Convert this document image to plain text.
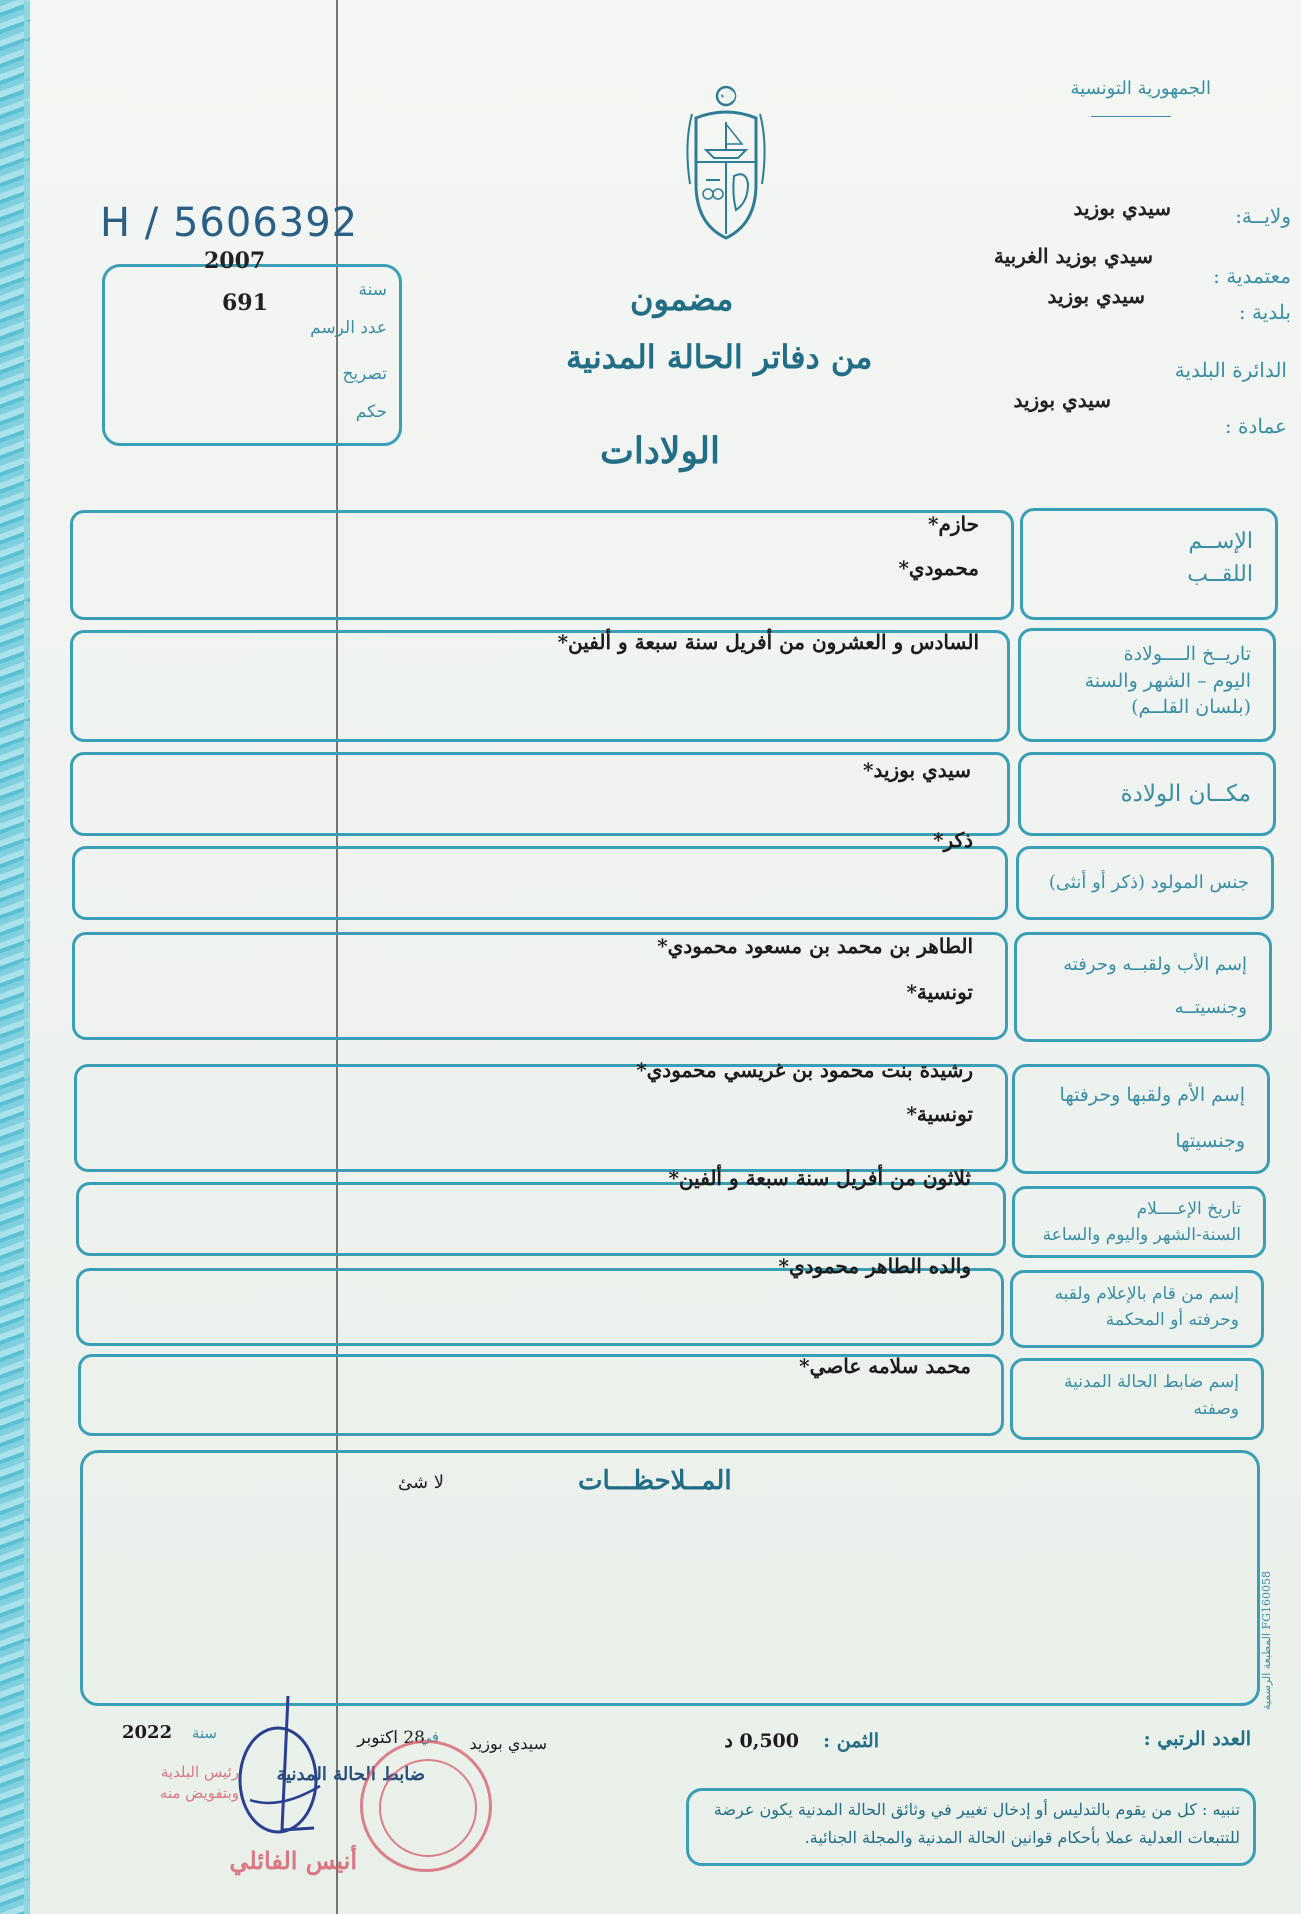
الجمهورية التونسية
H / 5606392
2007
691	سنة
عدد الرسم
تصريح
حكم
مضمون
من دفاتر الحالة المدنية
الولادات
ولايــة:
سيدي بوزيد
معتمدية :
سيدي بوزيد الغربية
بلدية :
سيدي بوزيد
الدائرة البلدية
عمادة :
سيدي بوزيد
الإســم
اللقــب
حازم*
محمودي*
تاريــخ الــــولادة
اليوم – الشهر والسنة
(بلسان القلــم)
السادس و العشرون من أفريل سنة سبعة و ألفين*
مكــان الولادة
سيدي بوزيد*
جنس المولود (ذكر أو أنثى)
ذكر*
إسم الأب ولقبــه وحرفته
وجنسيتــه
الطاهر بن محمد بن مسعود محمودي*
تونسية*
إسم الأم ولقبها وحرفتها
وجنسيتها
رشيدة بنت محمود بن غريسي محمودي*
تونسية*
تاريخ الإعــــلام
السنة-الشهر واليوم والساعة
ثلاثون من أفريل سنة سبعة و ألفين*
إسم من قام بالإعلام ولقبه
وحرفته أو المحكمة
والده الطاهر محمودي*
إسم ضابط الحالة المدنية
وصفته
محمد سلامه عاصي*
المــلاحظـــات
لا شئ
المطبعة الرسمية FG160058
العدد الرتبي :
الثمن :
0,500 د
سيدي بوزيد
في
28 اكتوبر
سنة
2022
ضابط الحالة المدنية
رئيس البلدية وبتفويض منه
أنيس الفائلي
تنبيه : كل من يقوم بالتدليس أو إدخال تغيير في وثائق الحالة المدنية يكون عرضة للتتبعات العدلية عملا بأحكام قوانين الحالة المدنية والمجلة الجنائية.
